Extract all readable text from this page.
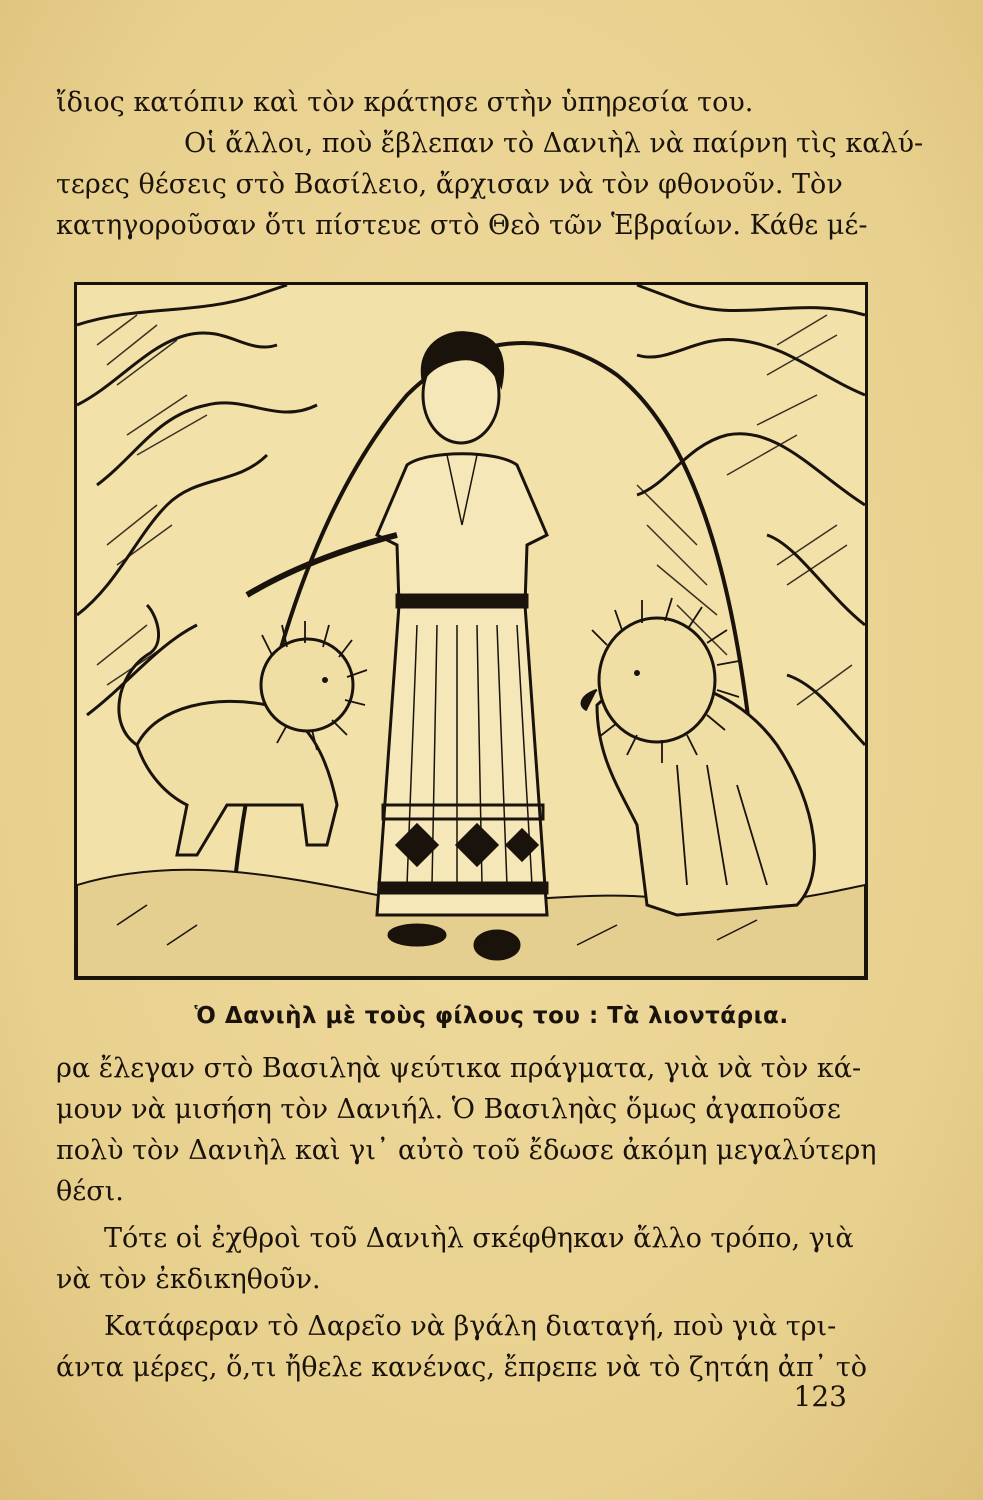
ἴδιος κατόπιν καὶ τὸν κράτησε στὴν ὑπηρεσία του.
Οἱ ἄλλοι, ποὺ ἔβλεπαν τὸ Δανιὴλ νὰ παίρνη τὶς καλύ-
τερες θέσεις στὸ Βασίλειο, ἄρχισαν νὰ τὸν φθονοῦν. Τὸν
κατηγοροῦσαν ὅτι πίστευε στὸ Θεὸ τῶν Ἑβραίων. Κάθε μέ-
Ὁ Δανιὴλ μὲ τοὺς φίλους του : Τὰ λιοντάρια.
ρα ἔλεγαν στὸ Βασιληὰ ψεύτικα πράγματα, γιὰ νὰ τὸν κά-
μουν νὰ μισήση τὸν Δανιήλ. Ὁ Βασιληὰς ὅμως ἀγαποῦσε
πολὺ τὸν Δανιὴλ καὶ γι᾿ αὐτὸ τοῦ ἔδωσε ἀκόμη μεγαλύτερη
θέσι.
Τότε οἱ ἐχθροὶ τοῦ Δανιὴλ σκέφθηκαν ἄλλο τρόπο, γιὰ
νὰ τὸν ἐκδικηθοῦν.
Κατάφεραν τὸ Δαρεῖο νὰ βγάλη διαταγή, ποὺ γιὰ τρι-
άντα μέρες, ὅ,τι ἤθελε κανένας, ἔπρεπε νὰ τὸ ζητάη ἀπ᾿ τὸ
123
